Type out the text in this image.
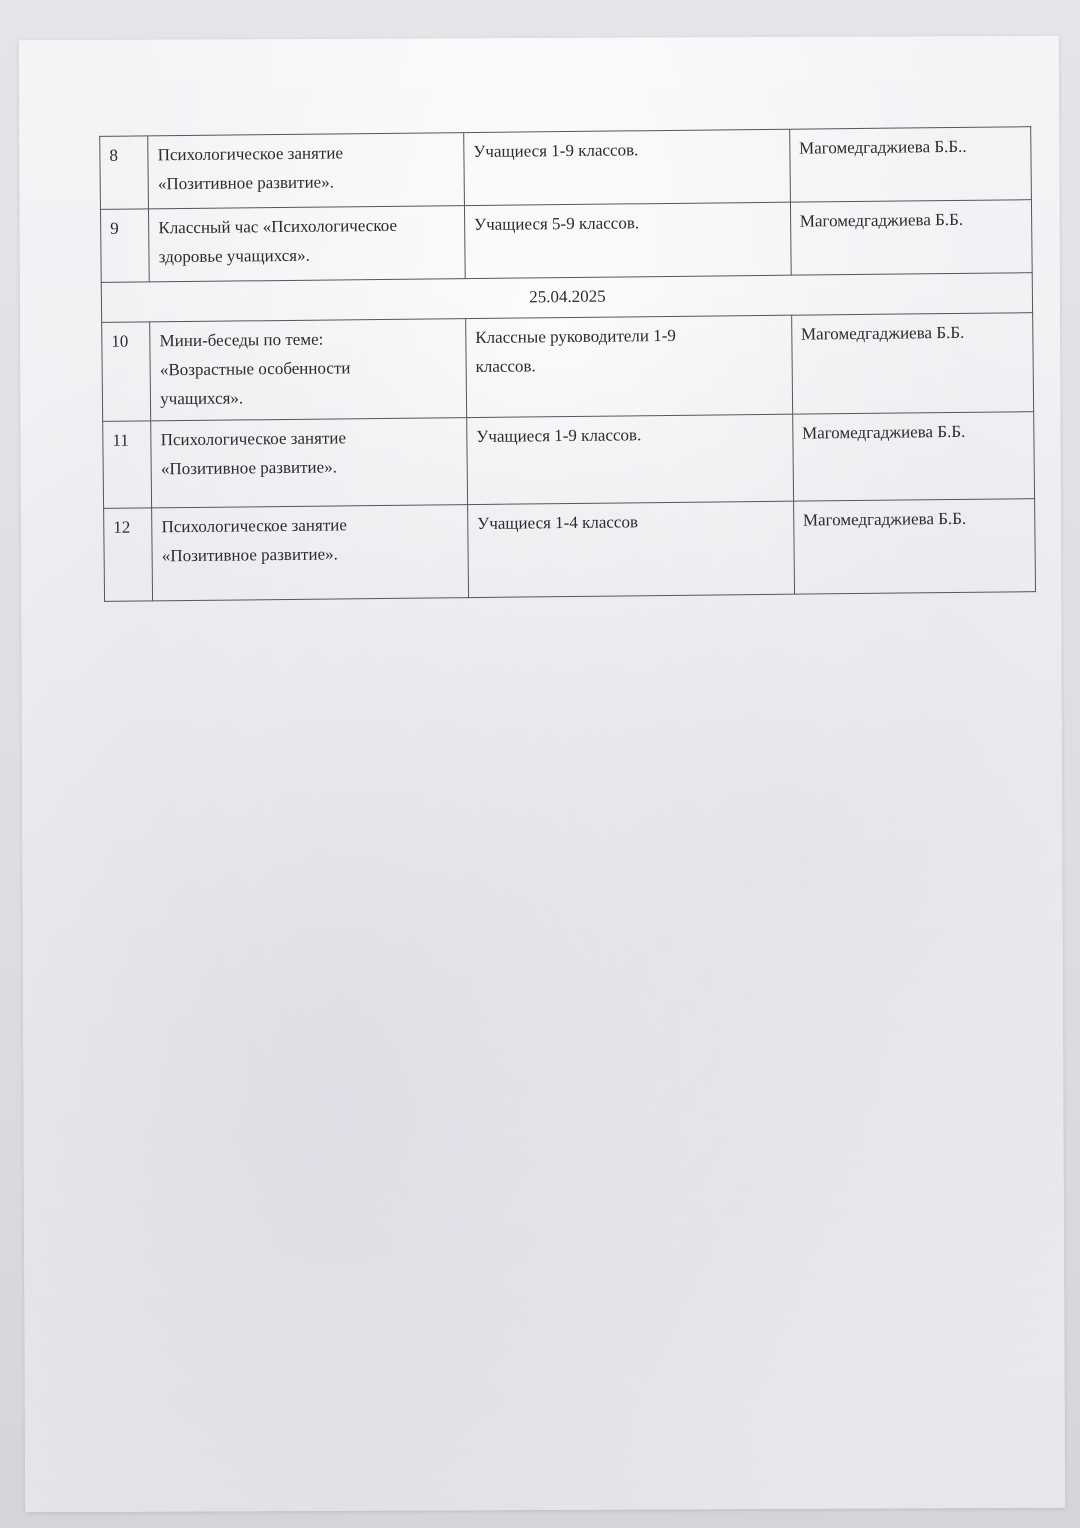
8	Психологическое занятие
«Позитивное развитие».	Учащиеся 1-9 классов.	Магомедгаджиева Б.Б..
9	Классный час «Психологическое
здоровье учащихся».	Учащиеся 5-9 классов.	Магомедгаджиева Б.Б.
25.04.2025			
10	Мини-беседы по теме:
«Возрастные особенности
учащихся».	Классные руководители 1-9
классов.	Магомедгаджиева Б.Б.
11	Психологическое занятие
«Позитивное развитие».	Учащиеся 1-9 классов.	Магомедгаджиева Б.Б.
12	Психологическое занятие
«Позитивное развитие».	Учащиеся 1-4 классов	Магомедгаджиева Б.Б.
